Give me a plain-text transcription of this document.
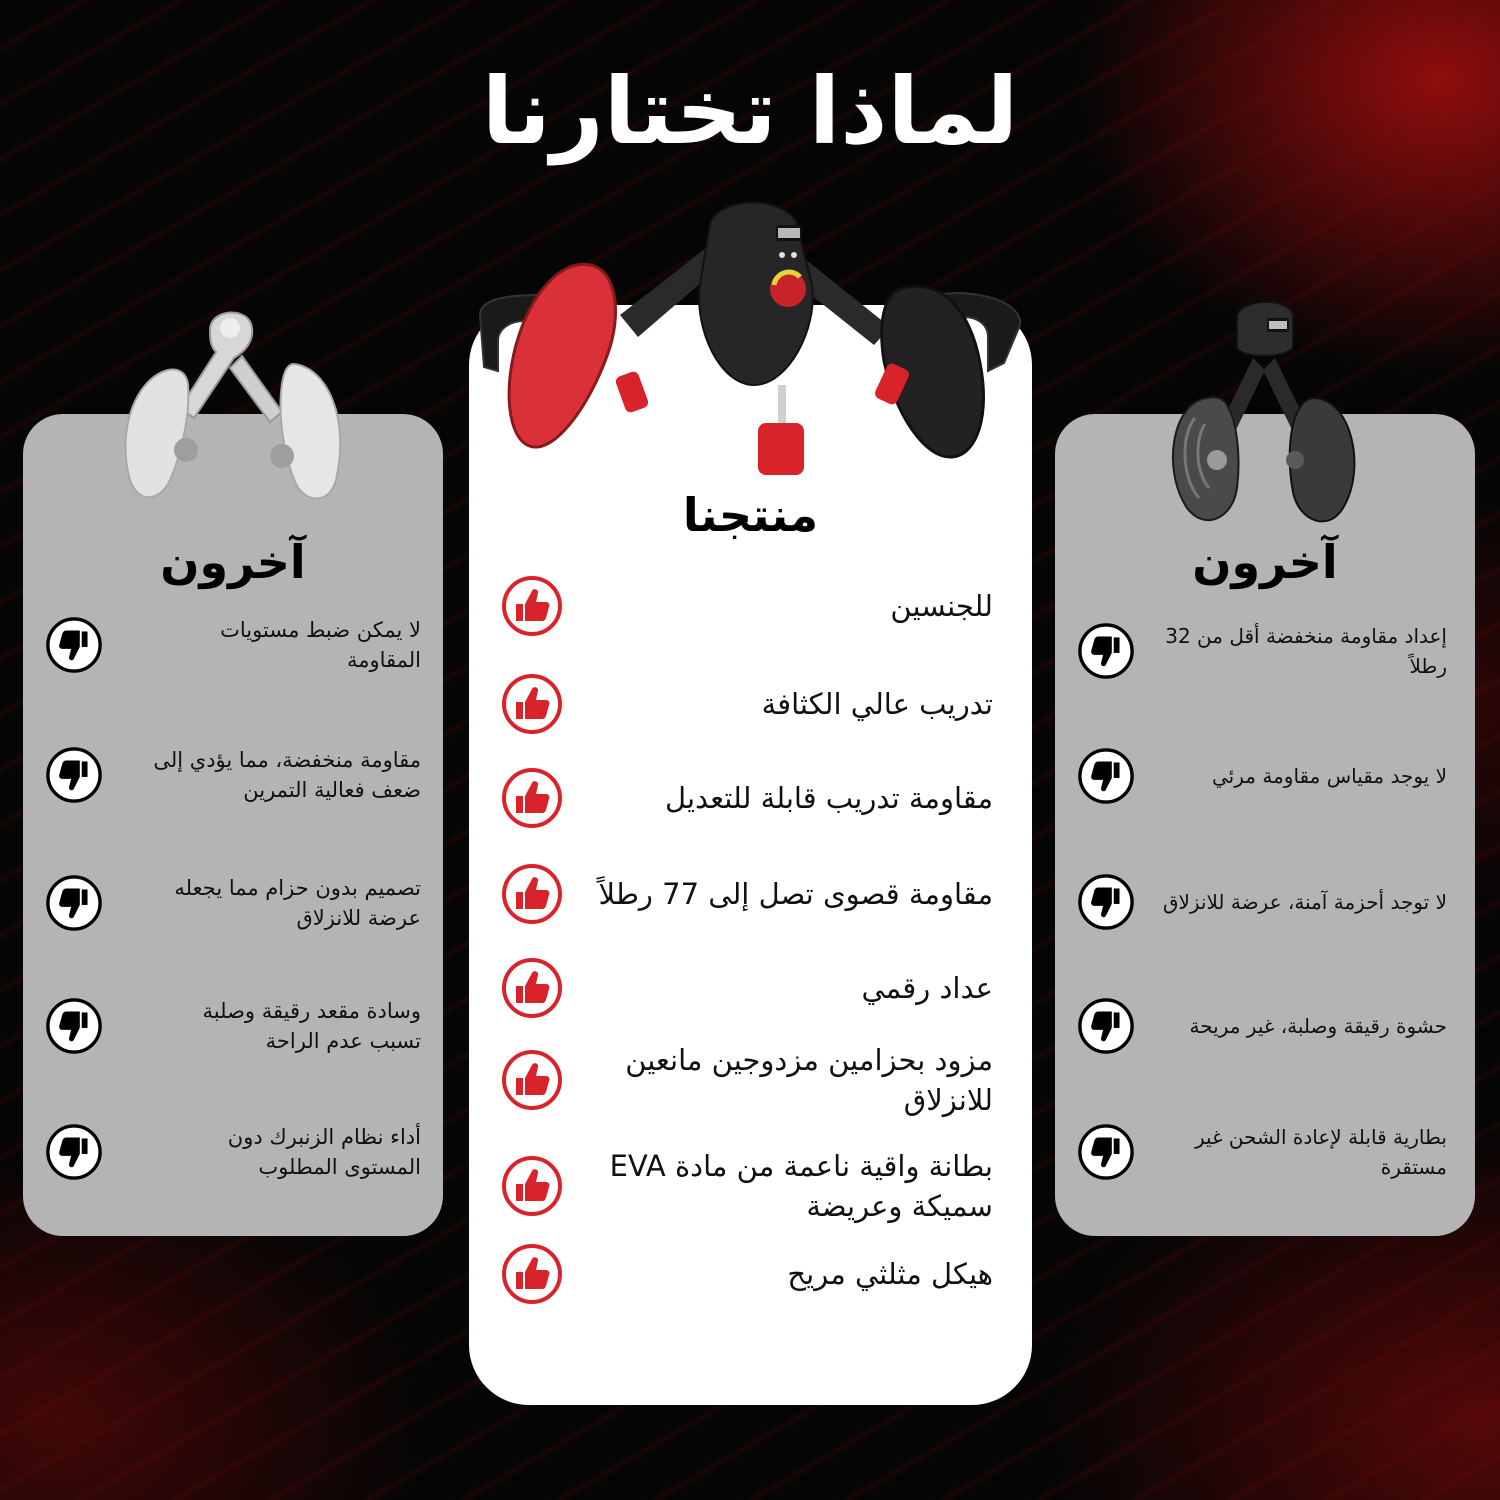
لماذا تختارنا
آخرون
لا يمكن ضبط مستويات المقاومة
مقاومة منخفضة، مما يؤدي إلى ضعف فعالية التمرين
تصميم بدون حزام مما يجعله عرضة للانزلاق
وسادة مقعد رقيقة وصلبة تسبب عدم الراحة
أداء نظام الزنبرك دون المستوى المطلوب
آخرون
إعداد مقاومة منخفضة أقل من 32 رطلاً
لا يوجد مقياس مقاومة مرئي
لا توجد أحزمة آمنة، عرضة للانزلاق
حشوة رقيقة وصلبة، غير مريحة
بطارية قابلة لإعادة الشحن غير مستقرة
منتجنا
للجنسين
تدريب عالي الكثافة
مقاومة تدريب قابلة للتعديل
مقاومة قصوى تصل إلى 77 رطلاً
عداد رقمي
مزود بحزامين مزدوجين مانعين للانزلاق
بطانة واقية ناعمة من مادة EVA سميكة وعريضة
هيكل مثلثي مريح
